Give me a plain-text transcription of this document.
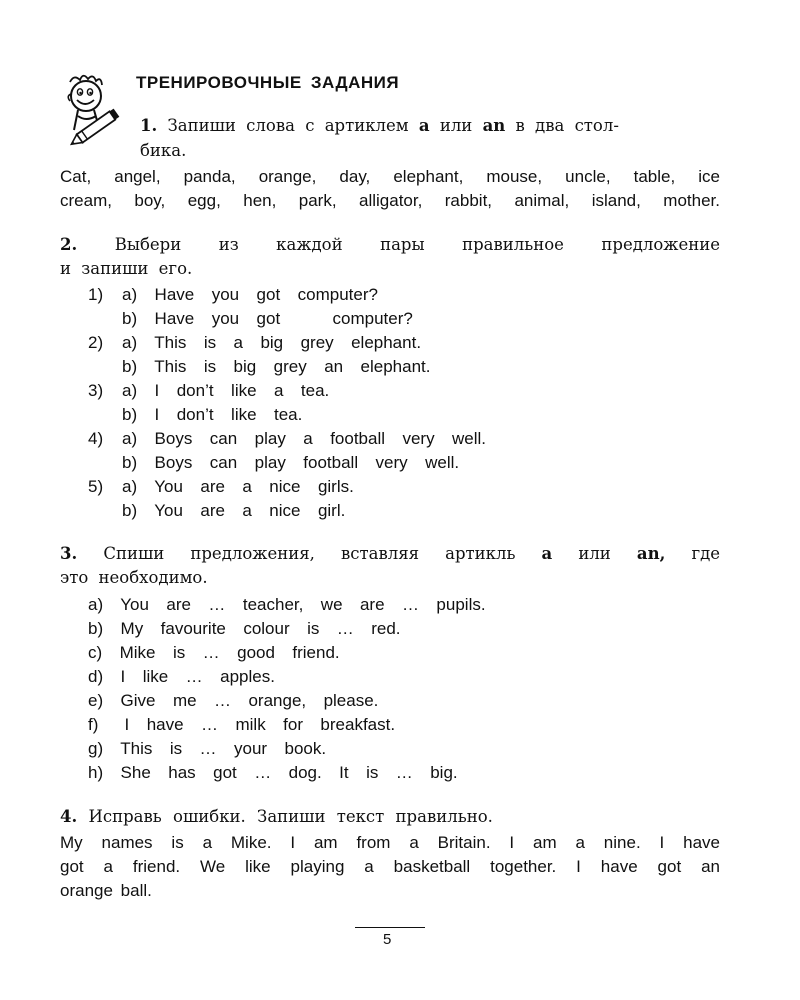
ТРЕНИРОВОЧНЫЕ ЗАДАНИЯ
1. Запиши слова с артиклем a или an в два стол-
бика.
Cat, angel, panda, orange, day, elephant, mouse, uncle, table, ice
cream, boy, egg, hen, park, alligator, rabbit, animal, island, mother.
2. Выбери из каждой пары правильное предложение
и запиши его.
1) a)  Have  you  got  computer?
b)  Have  you  got      computer?
2) a)  This  is  a  big  grey  elephant.
b)  This  is  big  grey  an  elephant.
3) a)  I  don’t  like  a  tea.
b)  I  don’t  like  tea.
4) a)  Boys  can  play  a  football  very  well.
b)  Boys  can  play  football  very  well.
5) a)  You  are  a  nice  girls.
b)  You  are  a  nice  girl.
3. Спиши предложения, вставляя артикль a или an, где
это необходимо.
a)  You  are  …  teacher,  we  are  …  pupils.
b)  My  favourite  colour  is  …  red.
c)  Mike  is  …  good  friend.
d)  I  like  …  apples.
e)  Give  me  …  orange,  please.
f)   I  have  …  milk  for  breakfast.
g)  This  is  …  your  book.
h)  She  has  got  …  dog.  It  is  …  big.
4. Исправь ошибки. Запиши текст правильно.
My names is a Mike. I am from a Britain. I am a nine. I have
got a friend. We like playing a basketball together. I have got an
orange ball.
5
